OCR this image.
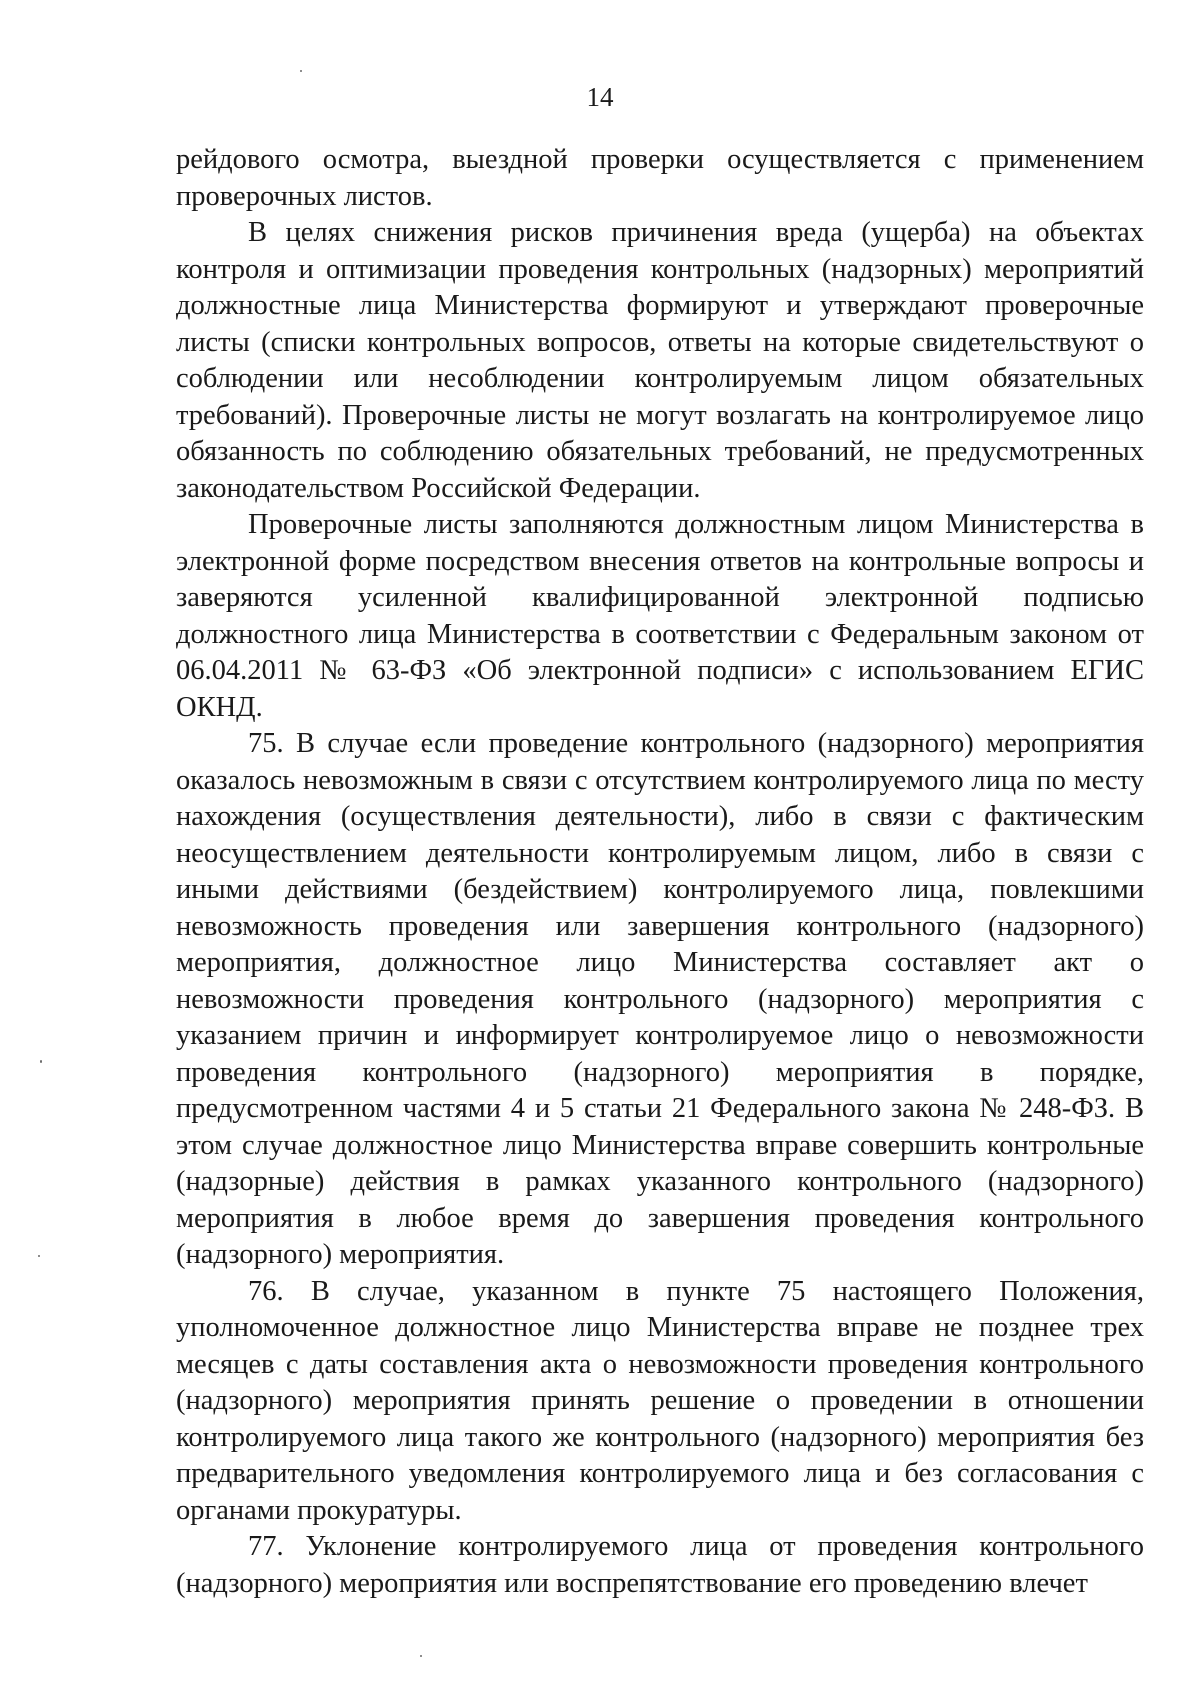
14

рейдового осмотра, выездной проверки осуществляется с применением проверочных листов.

В целях снижения рисков причинения вреда (ущерба) на объектах контроля и оптимизации проведения контрольных (надзорных) мероприятий должностные лица Министерства формируют и утверждают проверочные листы (списки контрольных вопросов, ответы на которые свидетельствуют о соблюдении или несоблюдении контролируемым лицом обязательных требований). Проверочные листы не могут возлагать на контролируемое лицо обязанность по соблюдению обязательных требований, не предусмотренных законодательством Российской Федерации.

Проверочные листы заполняются должностным лицом Министерства в электронной форме посредством внесения ответов на контрольные вопросы и заверяются усиленной квалифицированной электронной подписью должностного лица Министерства в соответствии с Федеральным законом от 06.04.2011 № 63-ФЗ «Об электронной подписи» с использованием ЕГИС ОКНД.

75. В случае если проведение контрольного (надзорного) мероприятия оказалось невозможным в связи с отсутствием контролируемого лица по месту нахождения (осуществления деятельности), либо в связи с фактическим неосуществлением деятельности контролируемым лицом, либо в связи с иными действиями (бездействием) контролируемого лица, повлекшими невозможность проведения или завершения контрольного (надзорного) мероприятия, должностное лицо Министерства составляет акт о невозможности проведения контрольного (надзорного) мероприятия с указанием причин и информирует контролируемое лицо о невозможности проведения контрольного (надзорного) мероприятия в порядке, предусмотренном частями 4 и 5 статьи 21 Федерального закона № 248-ФЗ. В этом случае должностное лицо Министерства вправе совершить контрольные (надзорные) действия в рамках указанного контрольного (надзорного) мероприятия в любое время до завершения проведения контрольного (надзорного) мероприятия.

76. В случае, указанном в пункте 75 настоящего Положения, уполномоченное должностное лицо Министерства вправе не позднее трех месяцев с даты составления акта о невозможности проведения контрольного (надзорного) мероприятия принять решение о проведении в отношении контролируемого лица такого же контрольного (надзорного) мероприятия без предварительного уведомления контролируемого лица и без согласования с органами прокуратуры.

77. Уклонение контролируемого лица от проведения контрольного (надзорного) мероприятия или воспрепятствование его проведению влечет
